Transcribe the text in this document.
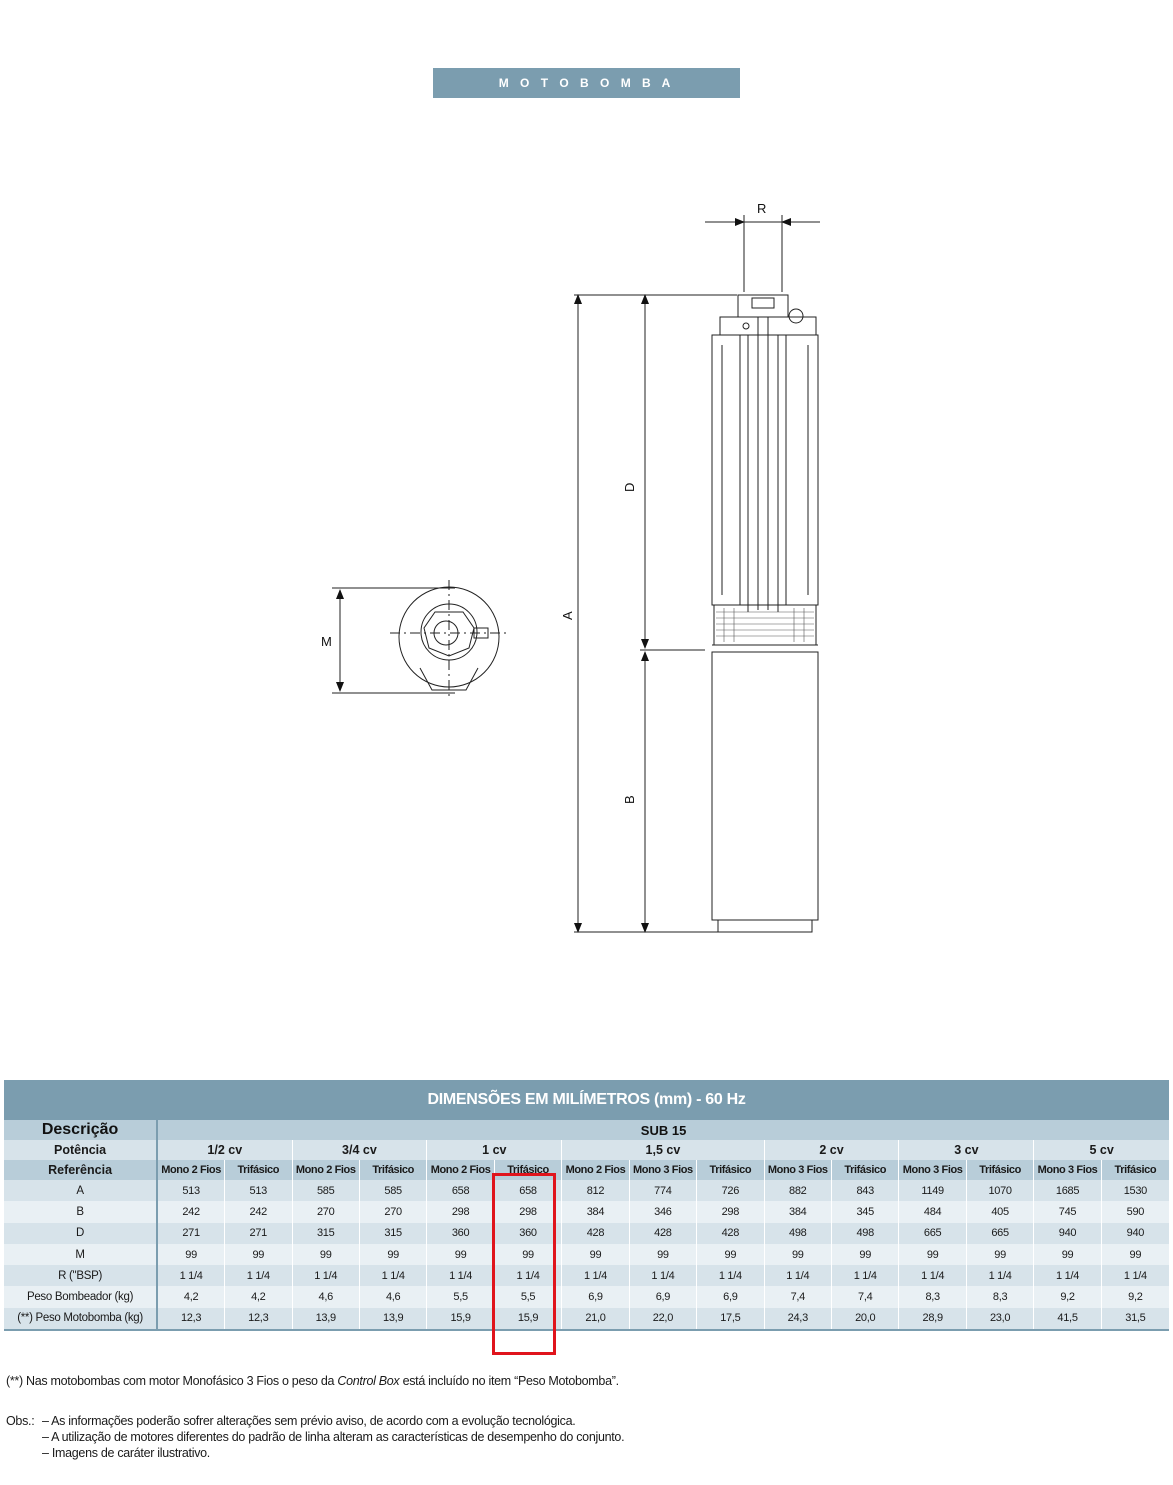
M O T O B O M B A
R
A
D
B
M
DIMENSÕES EM MILÍMETROS (mm) - 60 Hz															
Descrição	SUB 15														
Potência	1/2 cv		3/4 cv		1 cv		1,5 cv			2 cv		3 cv		5 cv	
Referência	Mono 2 Fios	Trifásico	Mono 2 Fios	Trifásico	Mono 2 Fios	Trifásico	Mono 2 Fios	Mono 3 Fios	Trifásico	Mono 3 Fios	Trifásico	Mono 3 Fios	Trifásico	Mono 3 Fios	Trifásico
A	513	513	585	585	658	658	812	774	726	882	843	1149	1070	1685	1530
B	242	242	270	270	298	298	384	346	298	384	345	484	405	745	590
D	271	271	315	315	360	360	428	428	428	498	498	665	665	940	940
M	99	99	99	99	99	99	99	99	99	99	99	99	99	99	99
R ("BSP)	1 1/4	1 1/4	1 1/4	1 1/4	1 1/4	1 1/4	1 1/4	1 1/4	1 1/4	1 1/4	1 1/4	1 1/4	1 1/4	1 1/4	1 1/4
Peso Bombeador (kg)	4,2	4,2	4,6	4,6	5,5	5,5	6,9	6,9	6,9	7,4	7,4	8,3	8,3	9,2	9,2
(**) Peso Motobomba (kg)	12,3	12,3	13,9	13,9	15,9	15,9	21,0	22,0	17,5	24,3	20,0	28,9	23,0	41,5	31,5
(**) Nas motobombas com motor Monofásico 3 Fios o peso da Control Box está incluído no item “Peso Motobomba”.
Obs.: – As informações poderão sofrer alterações sem prévio aviso, de acordo com a evolução tecnológica.
– A utilização de motores diferentes do padrão de linha alteram as características de desempenho do conjunto.
– Imagens de caráter ilustrativo.
